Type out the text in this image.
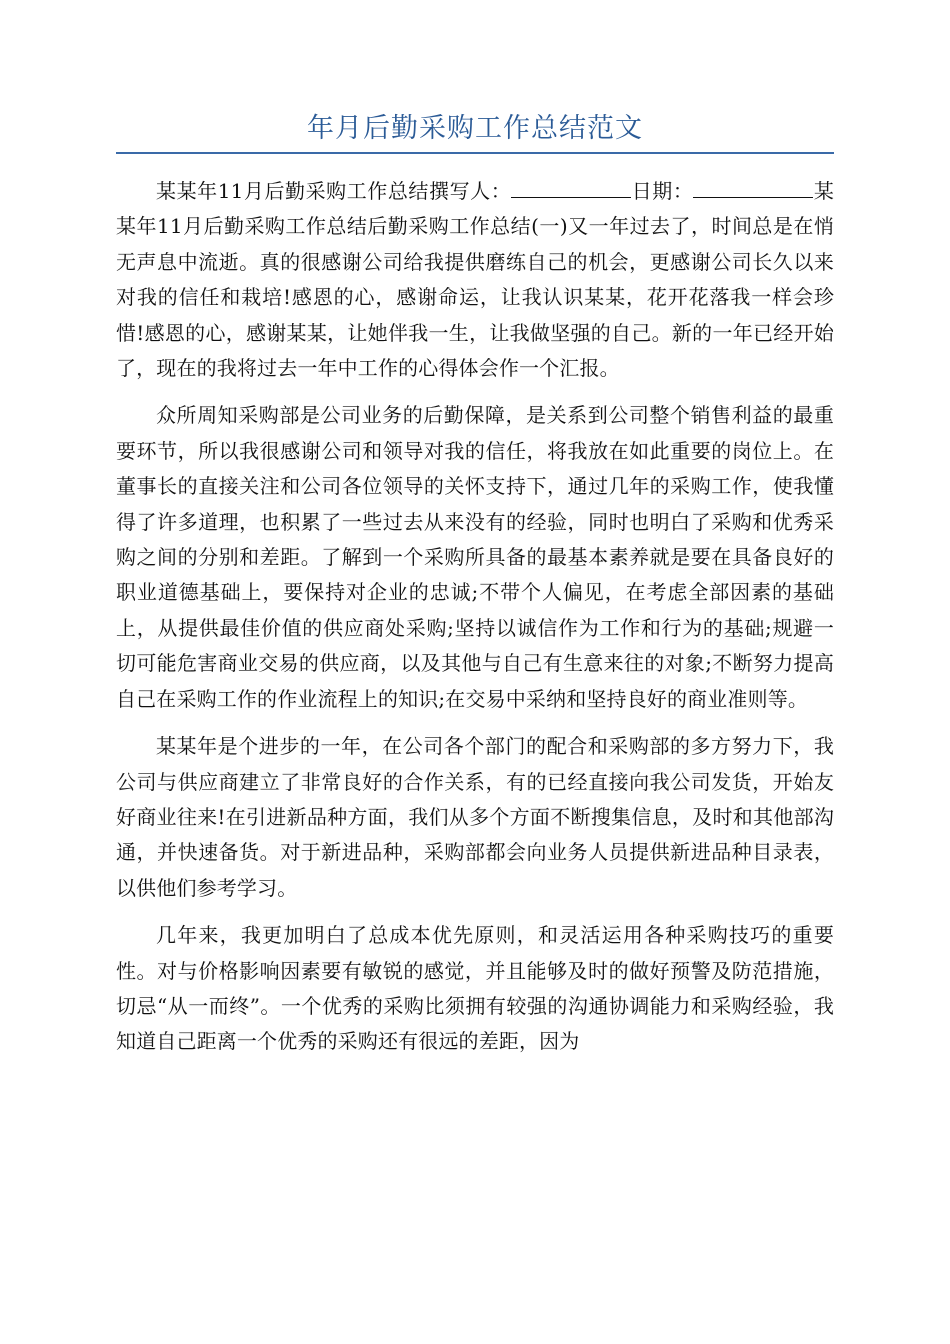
年月后勤采购工作总结范文

某某年11月后勤采购工作总结撰写人：	日期：	某某年11月后勤采购工作总结后勤采购工作总结(一)又一年过去了，时间总是在悄无声息中流逝。真的很感谢公司给我提供磨练自己的机会，更感谢公司长久以来对我的信任和栽培!感恩的心，感谢命运，让我认识某某，花开花落我一样会珍惜!感恩的心，感谢某某，让她伴我一生，让我做坚强的自己。新的一年已经开始了，现在的我将过去一年中工作的心得体会作一个汇报。

众所周知采购部是公司业务的后勤保障，是关系到公司整个销售利益的最重要环节，所以我很感谢公司和领导对我的信任，将我放在如此重要的岗位上。在董事长的直接关注和公司各位领导的关怀支持下，通过几年的采购工作，使我懂得了许多道理，也积累了一些过去从来没有的经验，同时也明白了采购和优秀采购之间的分别和差距。了解到一个采购所具备的最基本素养就是要在具备良好的职业道德基础上，要保持对企业的忠诚;不带个人偏见，在考虑全部因素的基础上，从提供最佳价值的供应商处采购;坚持以诚信作为工作和行为的基础;规避一切可能危害商业交易的供应商，以及其他与自己有生意来往的对象;不断努力提高自己在采购工作的作业流程上的知识;在交易中采纳和坚持良好的商业准则等。

某某年是个进步的一年，在公司各个部门的配合和采购部的多方努力下，我公司与供应商建立了非常良好的合作关系，有的已经直接向我公司发货，开始友好商业往来!在引进新品种方面，我们从多个方面不断搜集信息，及时和其他部沟通，并快速备货。对于新进品种，采购部都会向业务人员提供新进品种目录表，以供他们参考学习。

几年来，我更加明白了总成本优先原则，和灵活运用各种采购技巧的重要性。对与价格影响因素要有敏锐的感觉，并且能够及时的做好预警及防范措施，切忌“从一而终”。一个优秀的采购比须拥有较强的沟通协调能力和采购经验，我知道自己距离一个优秀的采购还有很远的差距，因为
